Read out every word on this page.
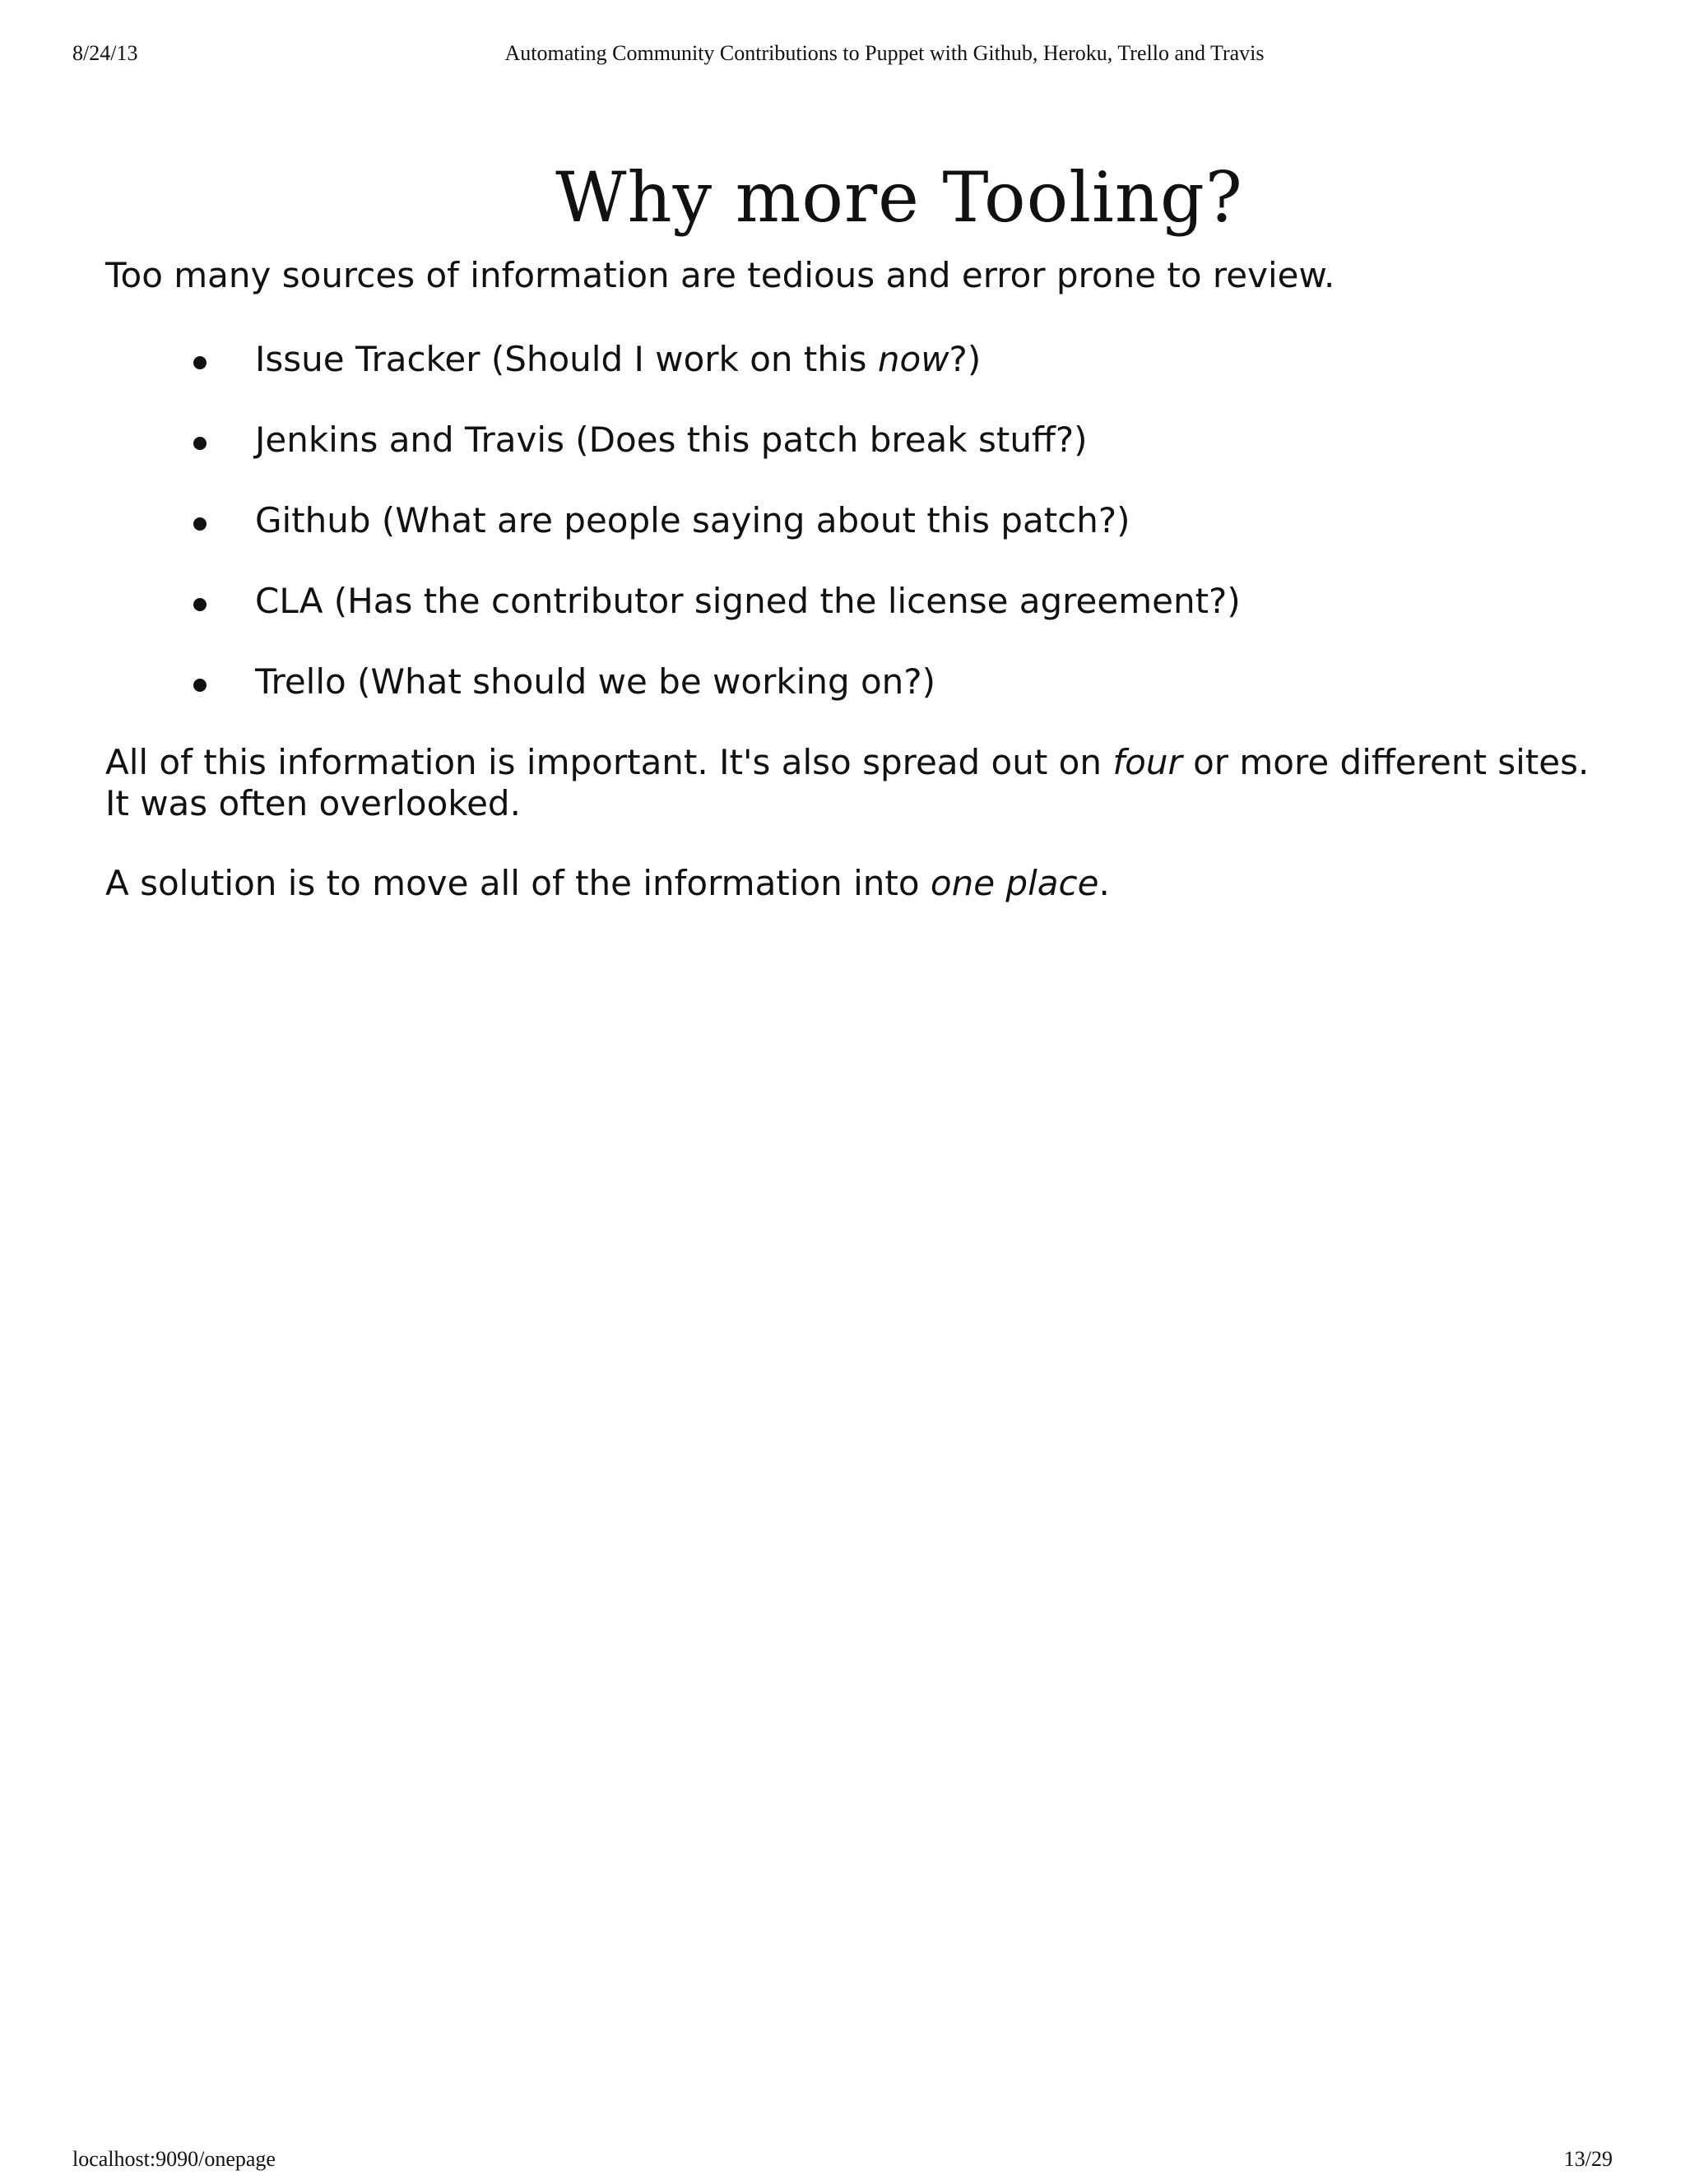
8/24/13	Automating Community Contributions to Puppet with Github, Heroku, Trello and Travis
Why more Tooling?

Too many sources of information are tedious and error prone to review.

Issue Tracker (Should I work on this now?)
Jenkins and Travis (Does this patch break stuff?)
Github (What are people saying about this patch?)
CLA (Has the contributor signed the license agreement?)
Trello (What should we be working on?)

All of this information is important. It's also spread out on four or more different sites. It was often overlooked.

A solution is to move all of the information into one place.

localhost:9090/onepage	13/29
